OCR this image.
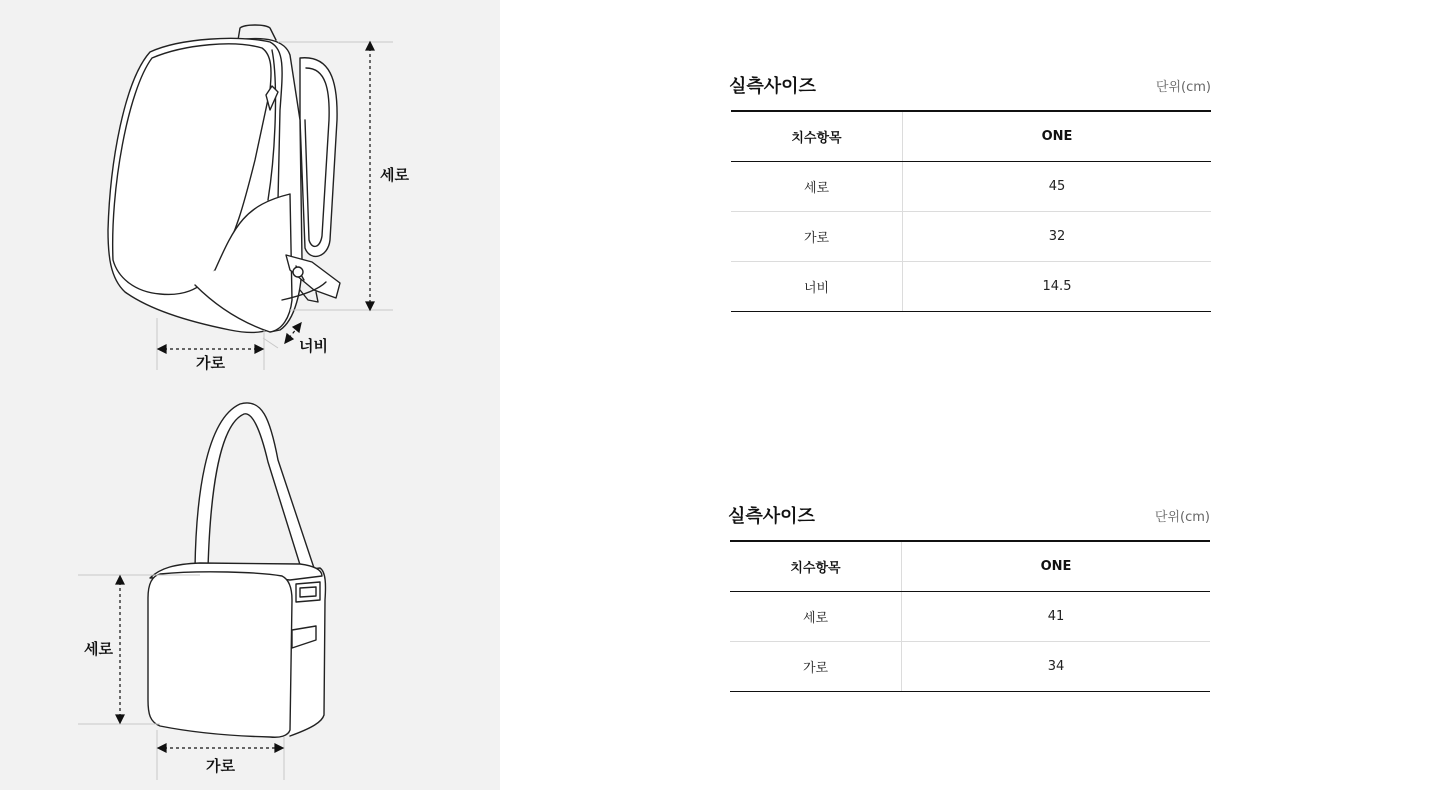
세로
가로
너비
세로
가로
실측사이즈	단위(cm)
치수항목	ONE
세로	45
가로	32
너비	14.5
실측사이즈	단위(cm)
치수항목	ONE
세로	41
가로	34
